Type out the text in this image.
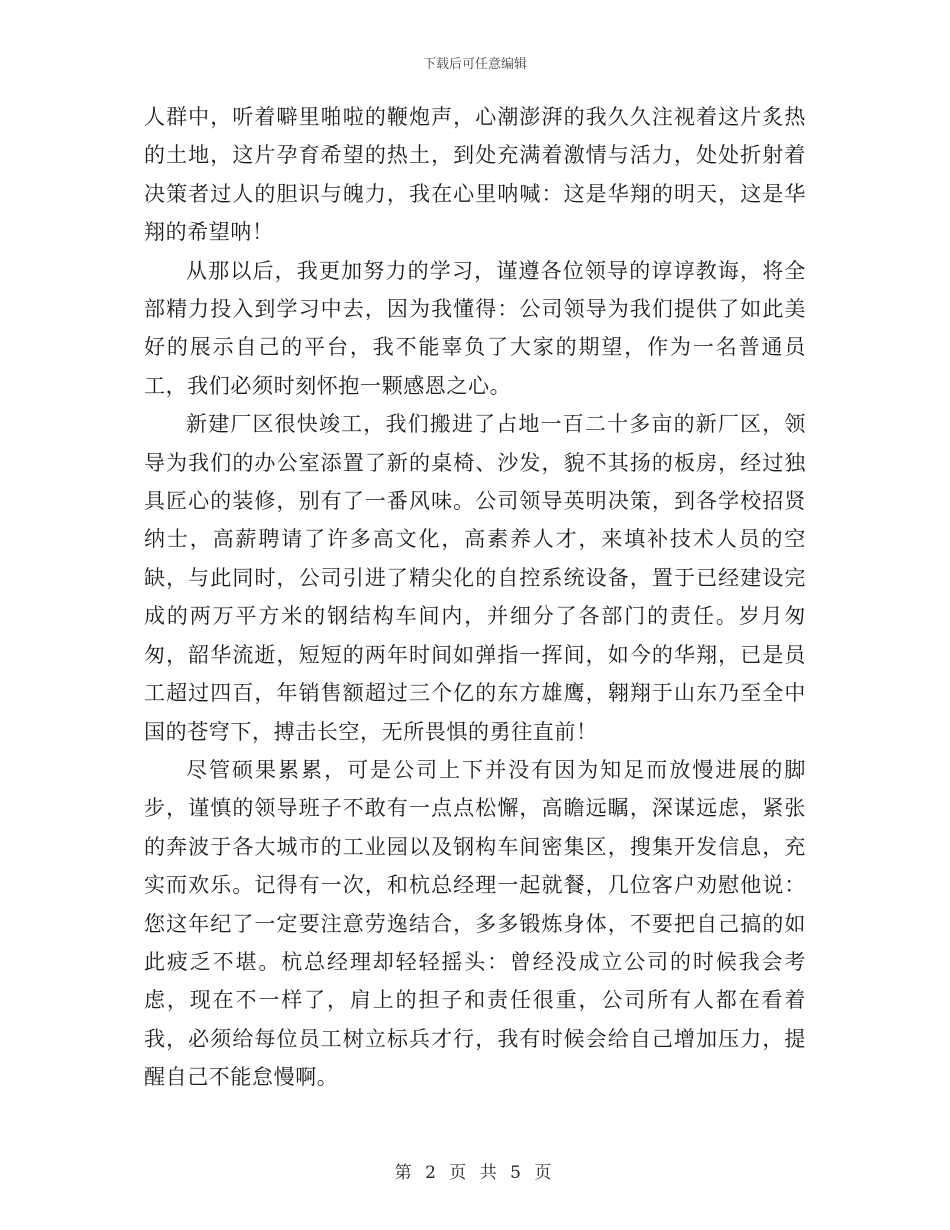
下载后可任意编辑

人群中，听着噼里啪啦的鞭炮声，心潮澎湃的我久久注视着这片炙热的土地，这片孕育希望的热土，到处充满着激情与活力，处处折射着决策者过人的胆识与魄力，我在心里呐喊：这是华翔的明天，这是华翔的希望呐！

从那以后，我更加努力的学习，谨遵各位领导的谆谆教诲，将全部精力投入到学习中去，因为我懂得：公司领导为我们提供了如此美好的展示自己的平台，我不能辜负了大家的期望，作为一名普通员工，我们必须时刻怀抱一颗感恩之心。

新建厂区很快竣工，我们搬进了占地一百二十多亩的新厂区，领导为我们的办公室添置了新的桌椅、沙发，貌不其扬的板房，经过独具匠心的装修，别有了一番风味。公司领导英明决策，到各学校招贤纳士，高薪聘请了许多高文化，高素养人才，来填补技术人员的空缺，与此同时，公司引进了精尖化的自控系统设备，置于已经建设完成的两万平方米的钢结构车间内，并细分了各部门的责任。岁月匆匆，韶华流逝，短短的两年时间如弹指一挥间，如今的华翔，已是员工超过四百，年销售额超过三个亿的东方雄鹰，翱翔于山东乃至全中国的苍穹下，搏击长空，无所畏惧的勇往直前！

尽管硕果累累，可是公司上下并没有因为知足而放慢进展的脚步，谨慎的领导班子不敢有一点点松懈，高瞻远瞩，深谋远虑，紧张的奔波于各大城市的工业园以及钢构车间密集区，搜集开发信息，充实而欢乐。记得有一次，和杭总经理一起就餐，几位客户劝慰他说：您这年纪了一定要注意劳逸结合，多多锻炼身体，不要把自己搞的如此疲乏不堪。杭总经理却轻轻摇头：曾经没成立公司的时候我会考虑，现在不一样了，肩上的担子和责任很重，公司所有人都在看着我，必须给每位员工树立标兵才行，我有时候会给自己增加压力，提醒自己不能怠慢啊。

第 2 页 共 5 页
